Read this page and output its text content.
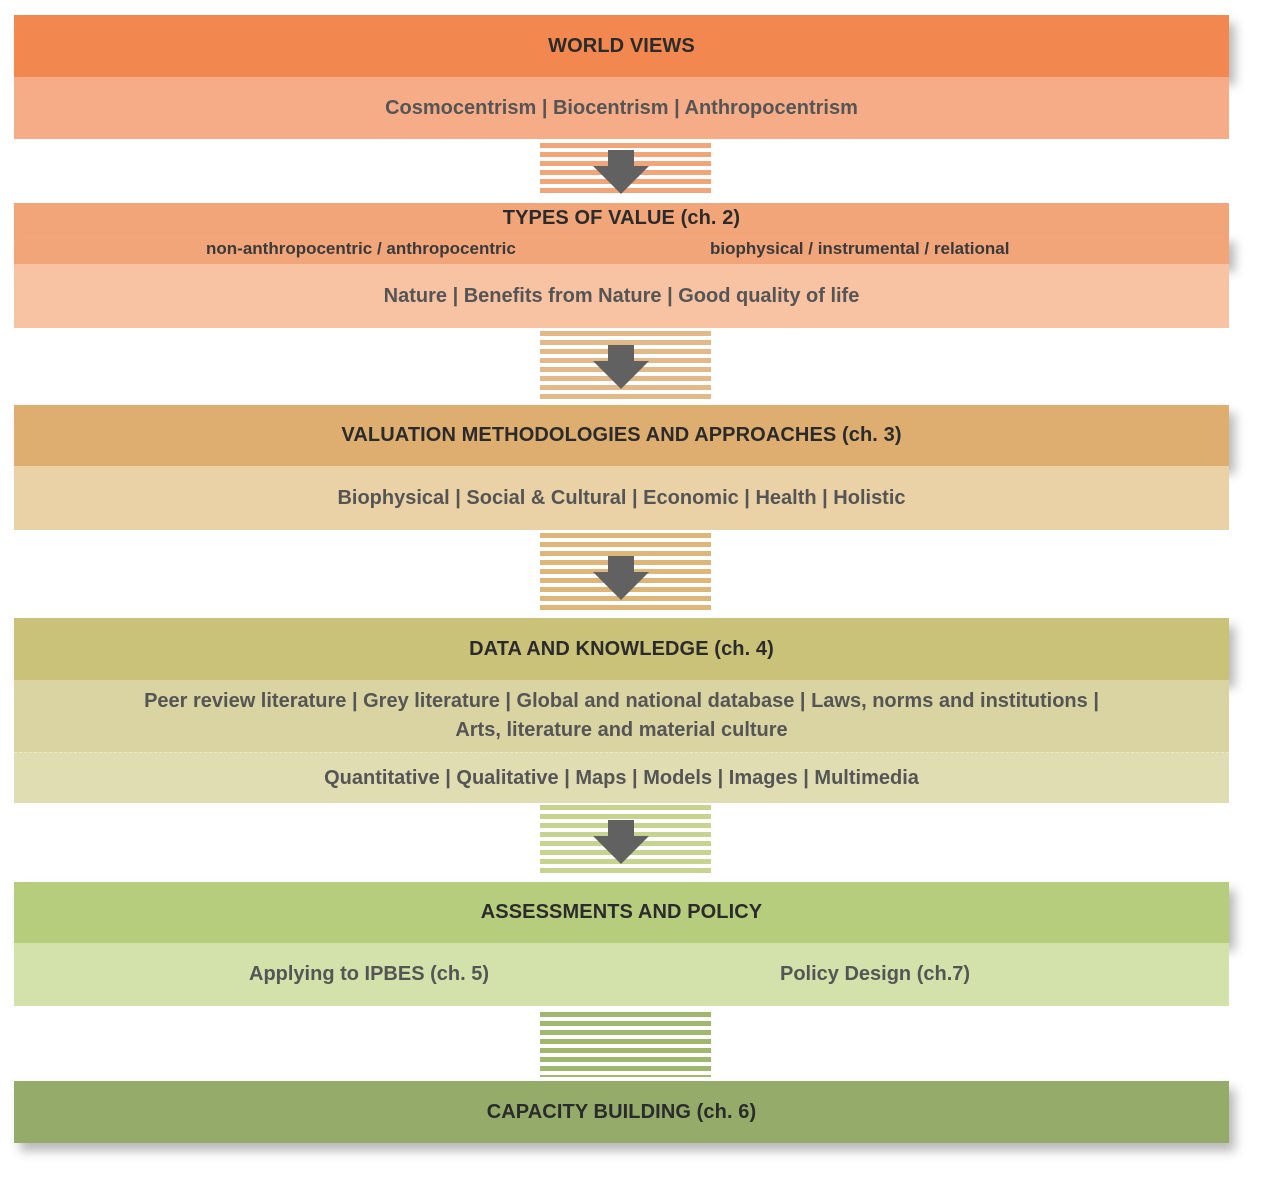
WORLD VIEWS
Cosmocentrism | Biocentrism | Anthropocentrism
TYPES OF VALUE (ch. 2)
non-anthropocentric / anthropocentric	biophysical / instrumental / relational
Nature | Benefits from Nature | Good quality of life
VALUATION METHODOLOGIES AND APPROACHES (ch. 3)
Biophysical | Social & Cultural | Economic | Health | Holistic
DATA AND KNOWLEDGE (ch. 4)
Peer review literature | Grey literature | Global and national database | Laws, norms and institutions |
Arts, literature and material culture
Quantitative | Qualitative | Maps | Models | Images | Multimedia
ASSESSMENTS AND POLICY
Applying to IPBES (ch. 5)	Policy Design (ch.7)
CAPACITY BUILDING (ch. 6)
